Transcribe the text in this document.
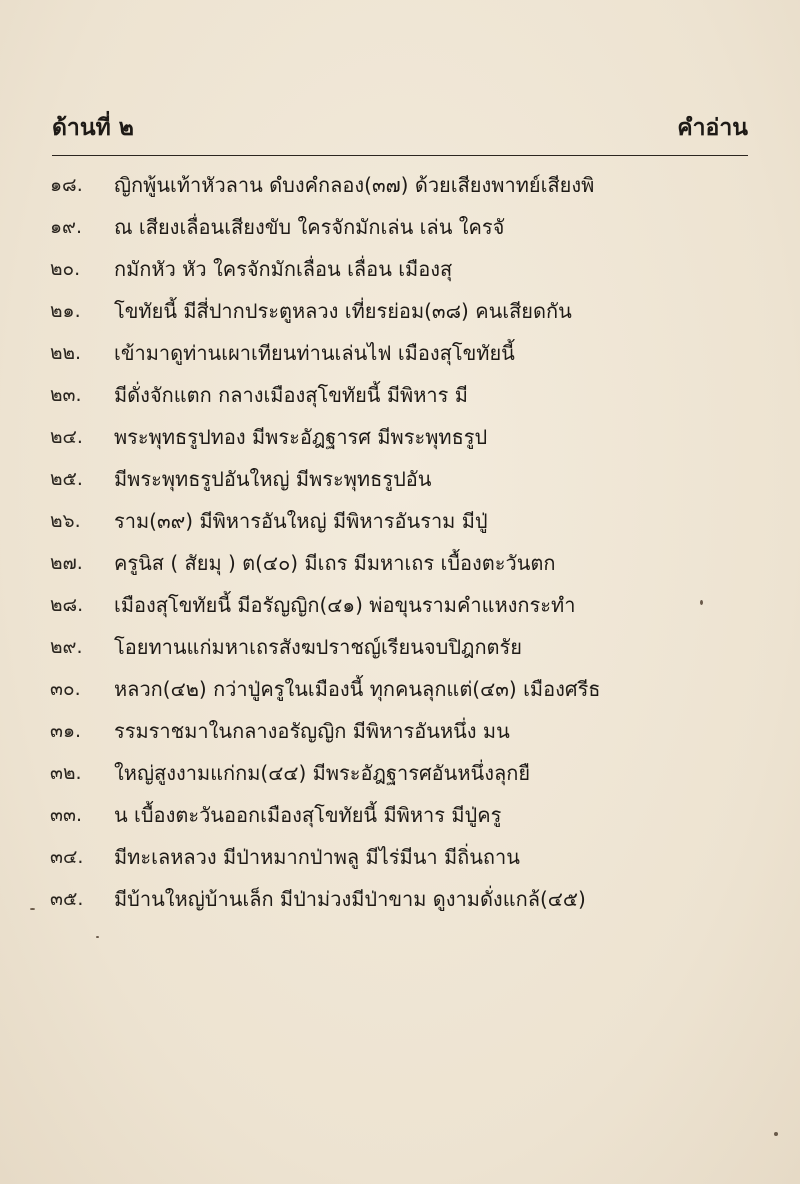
ด้านที่ ๒	คำอ่าน
๑๘.	ญิกพู้นเท้าหัวลาน ดํบงคํกลอง(๓๗) ด้วยเสียงพาทย์เสียงพิ
๑๙.	ณ เสียงเลื่อนเสียงขับ ใครจักมักเล่น เล่น ใครจั
๒๐.	กมักหัว หัว ใครจักมักเลื่อน เลื่อน เมืองสุ
๒๑.	โขทัยนี้ มีสี่ปากประตูหลวง เที่ยรย่อม(๓๘) คนเสียดกัน
๒๒.	เข้ามาดูท่านเผาเทียนท่านเล่นไฟ เมืองสุโขทัยนี้
๒๓.	มีดั่งจักแตก กลางเมืองสุโขทัยนี้ มีพิหาร มี
๒๔.	พระพุทธรูปทอง มีพระอัฎฐารศ มีพระพุทธรูป
๒๕.	มีพระพุทธรูปอันใหญ่ มีพระพุทธรูปอัน
๒๖.	ราม(๓๙) มีพิหารอันใหญ่ มีพิหารอันราม มีปู่
๒๗.	ครูนิส ( สัยมุ ) ต(๔๐) มีเถร มีมหาเถร เบื้องตะวันตก
๒๘.	เมืองสุโขทัยนี้ มีอรัญญิก(๔๑) พ่อขุนรามคำแหงกระทำ
๒๙.	โอยทานแก่มหาเถรสังฆปราชญ์เรียนจบปิฎกตรัย
๓๐.	หลวก(๔๒) กว่าปู่ครูในเมืองนี้ ทุกคนลุกแต่(๔๓) เมืองศรีธ
๓๑.	รรมราชมาในกลางอรัญญิก มีพิหารอันหนึ่ง มน
๓๒.	ใหญ่สูงงามแก่กม(๔๔) มีพระอัฎฐารศอันหนึ่งลุกยื
๓๓.	น เบื้องตะวันออกเมืองสุโขทัยนี้ มีพิหาร มีปู่ครู
๓๔.	มีทะเลหลวง มีป่าหมากป่าพลู มีไร่มีนา มีถิ่นถาน
๓๕.	มีบ้านใหญ่บ้านเล็ก มีป่าม่วงมีป่าขาม ดูงามดั่งแกล้(๔๕)
